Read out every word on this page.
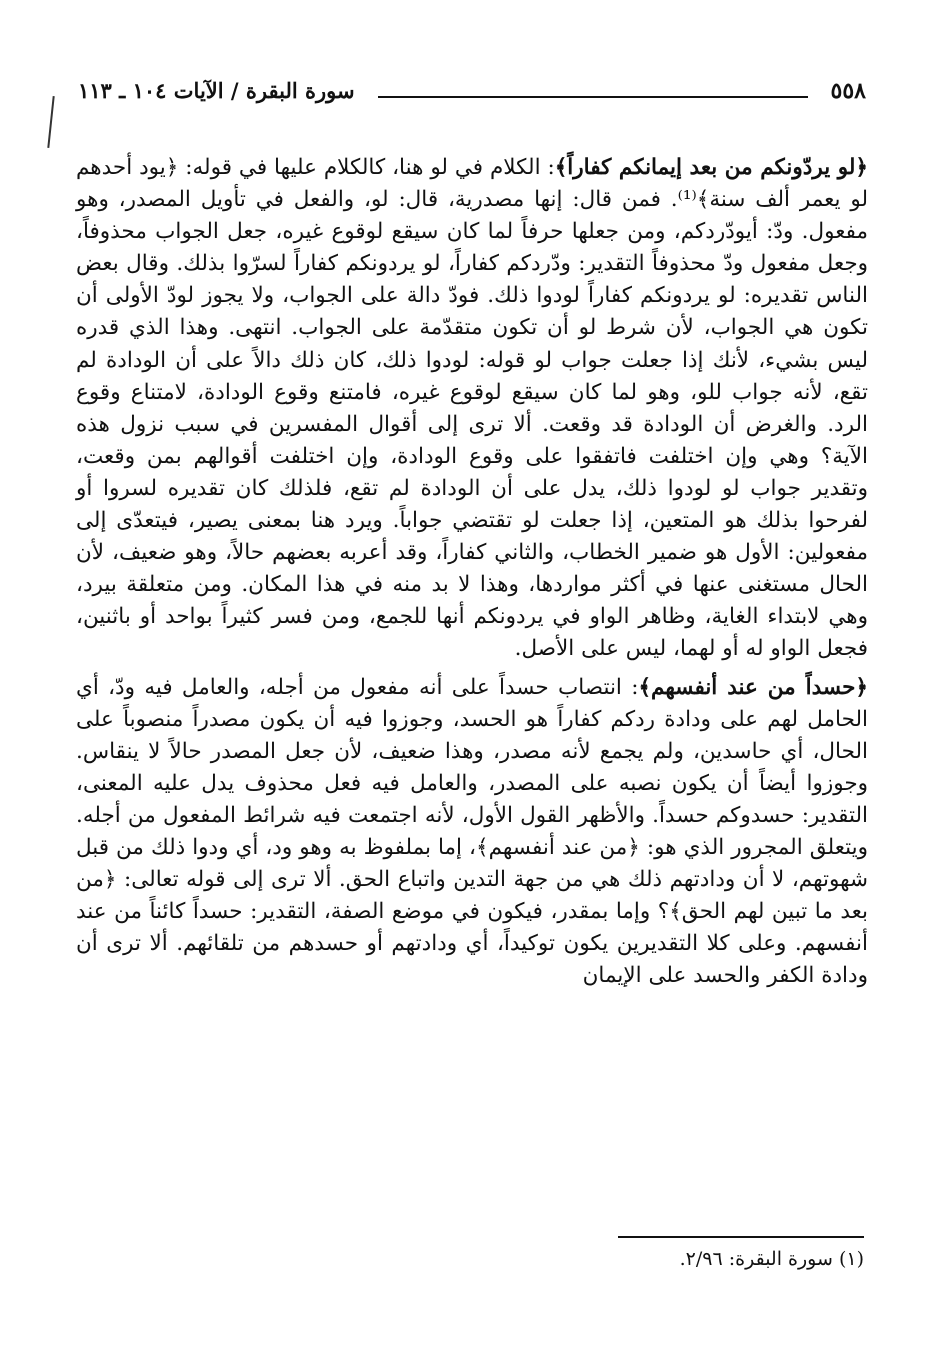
٥٥٨
سورة البقرة / الآيات ١٠٤ ـ ١١٣

﴿لو يردّونكم من بعد إيمانكم كفاراً﴾: الكلام في لو هنا، كالكلام عليها في قوله: ﴿يود أحدهم لو يعمر ألف سنة﴾⁽¹⁾. فمن قال: إنها مصدرية، قال: لو، والفعل في تأويل المصدر، وهو مفعول. ودّ: أيودّردكم، ومن جعلها حرفاً لما كان سيقع لوقوع غيره، جعل الجواب محذوفاً، وجعل مفعول ودّ محذوفاً التقدير: ودّردكم كفاراً، لو يردونكم كفاراً لسرّوا بذلك. وقال بعض الناس تقديره: لو يردونكم كفاراً لودوا ذلك. فودّ دالة على الجواب، ولا يجوز لودّ الأولى أن تكون هي الجواب، لأن شرط لو أن تكون متقدّمة على الجواب. انتهى. وهذا الذي قدره ليس بشيء، لأنك إذا جعلت جواب لو قوله: لودوا ذلك، كان ذلك دالاً على أن الودادة لم تقع، لأنه جواب للو، وهو لما كان سيقع لوقوع غيره، فامتنع وقوع الودادة، لامتناع وقوع الرد. والغرض أن الودادة قد وقعت. ألا ترى إلى أقوال المفسرين في سبب نزول هذه الآية؟ وهي وإن اختلفت فاتفقوا على وقوع الودادة، وإن اختلفت أقوالهم بمن وقعت، وتقدير جواب لو لودوا ذلك، يدل على أن الودادة لم تقع، فلذلك كان تقديره لسروا أو لفرحوا بذلك هو المتعين، إذا جعلت لو تقتضي جواباً. ويرد هنا بمعنى يصير، فيتعدّى إلى مفعولين: الأول هو ضمير الخطاب، والثاني كفاراً، وقد أعربه بعضهم حالاً، وهو ضعيف، لأن الحال مستغنى عنها في أكثر مواردها، وهذا لا بد منه في هذا المكان. ومن متعلقة بيرد، وهي لابتداء الغاية، وظاهر الواو في يردونكم أنها للجمع، ومن فسر كثيراً بواحد أو باثنين، فجعل الواو له أو لهما، ليس على الأصل.

﴿حسداً من عند أنفسهم﴾: انتصاب حسداً على أنه مفعول من أجله، والعامل فيه ودّ، أي الحامل لهم على ودادة ردكم كفاراً هو الحسد، وجوزوا فيه أن يكون مصدراً منصوباً على الحال، أي حاسدين، ولم يجمع لأنه مصدر، وهذا ضعيف، لأن جعل المصدر حالاً لا ينقاس. وجوزوا أيضاً أن يكون نصبه على المصدر، والعامل فيه فعل محذوف يدل عليه المعنى، التقدير: حسدوكم حسداً. والأظهر القول الأول، لأنه اجتمعت فيه شرائط المفعول من أجله. ويتعلق المجرور الذي هو: ﴿من عند أنفسهم﴾، إما بملفوظ به وهو ود، أي ودوا ذلك من قبل شهوتهم، لا أن ودادتهم ذلك هي من جهة التدين واتباع الحق. ألا ترى إلى قوله تعالى: ﴿من بعد ما تبين لهم الحق﴾؟ وإما بمقدر، فيكون في موضع الصفة، التقدير: حسداً كائناً من عند أنفسهم. وعلى كلا التقديرين يكون توكيداً، أي ودادتهم أو حسدهم من تلقائهم. ألا ترى أن ودادة الكفر والحسد على الإيمان

(١) سورة البقرة: ٢/٩٦.
